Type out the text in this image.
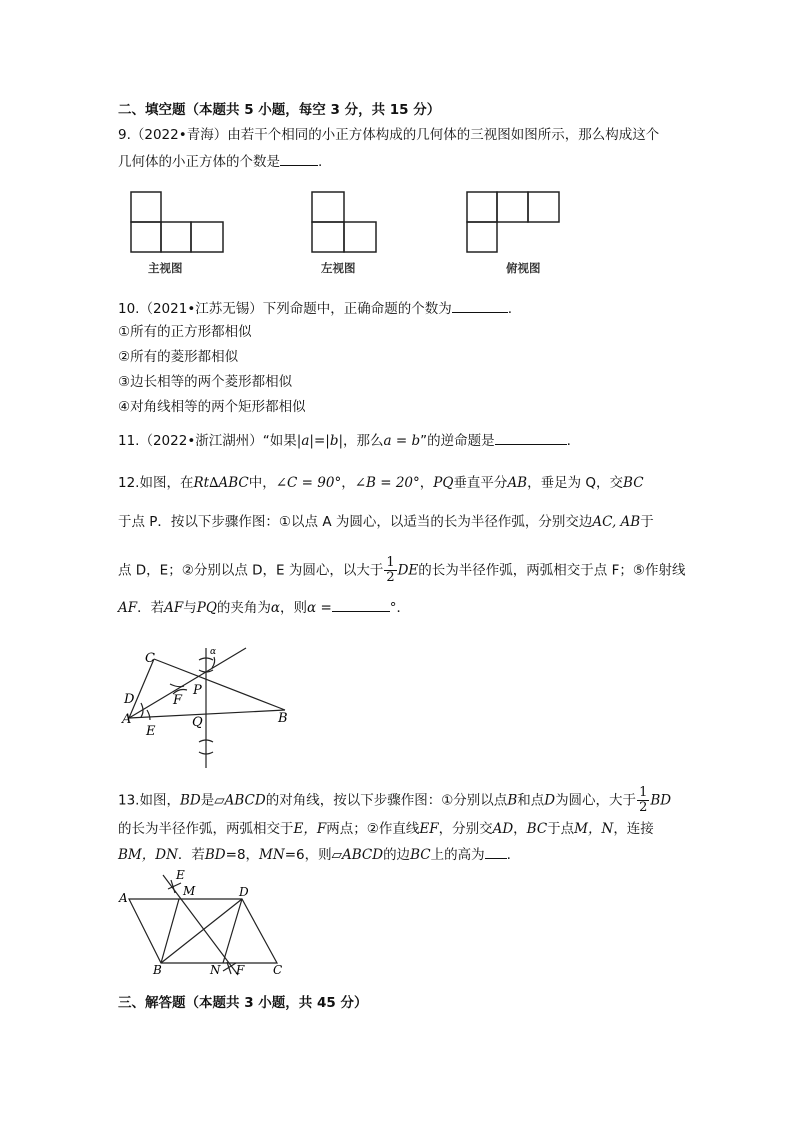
二、填空题（本题共 5 小题，每空 3 分，共 15 分）
9.（2022•青海）由若干个相同的小正方体构成的几何体的三视图如图所示，那么构成这个
几何体的小正方体的个数是	.
主视图	左视图	俯视图
10.（2021•江苏无锡）下列命题中，正确命题的个数为	.
①所有的正方形都相似
②所有的菱形都相似
③边长相等的两个菱形都相似
④对角线相等的两个矩形都相似
11.（2022•浙江湖州）“如果|a|=|b|，那么a = b”的逆命题是	.
12.如图，在Rt∆ABC中，∠C = 90°，∠B = 20°，PQ垂直平分AB，垂足为 Q，交BC
于点 P．按以下步骤作图：①以点 A 为圆心，以适当的长为半径作弧，分别交边AC, AB于
点 D，E；②分别以点 D，E 为圆心，以大于 $\frac{1}{2}$ DE的长为半径作弧，两弧相交于点 F；⑤作射线
AF．若AF与PQ的夹角为α，则α =	°．
C
D
A
E
F
P
Q	B
α
13.如图，BD是▱ABCD的对角线，按以下步骤作图：①分别以点B和点D为圆心，大于 $\frac{1}{2}$ BD
的长为半径作弧，两弧相交于E，F两点；②作直线EF，分别交AD，BC于点M，N，连接
BM，DN．若BD=8，MN=6，则▱ABCD的边BC上的高为 .
E
M
A	D
B	N F C
三、解答题（本题共 3 小题，共 45 分）
